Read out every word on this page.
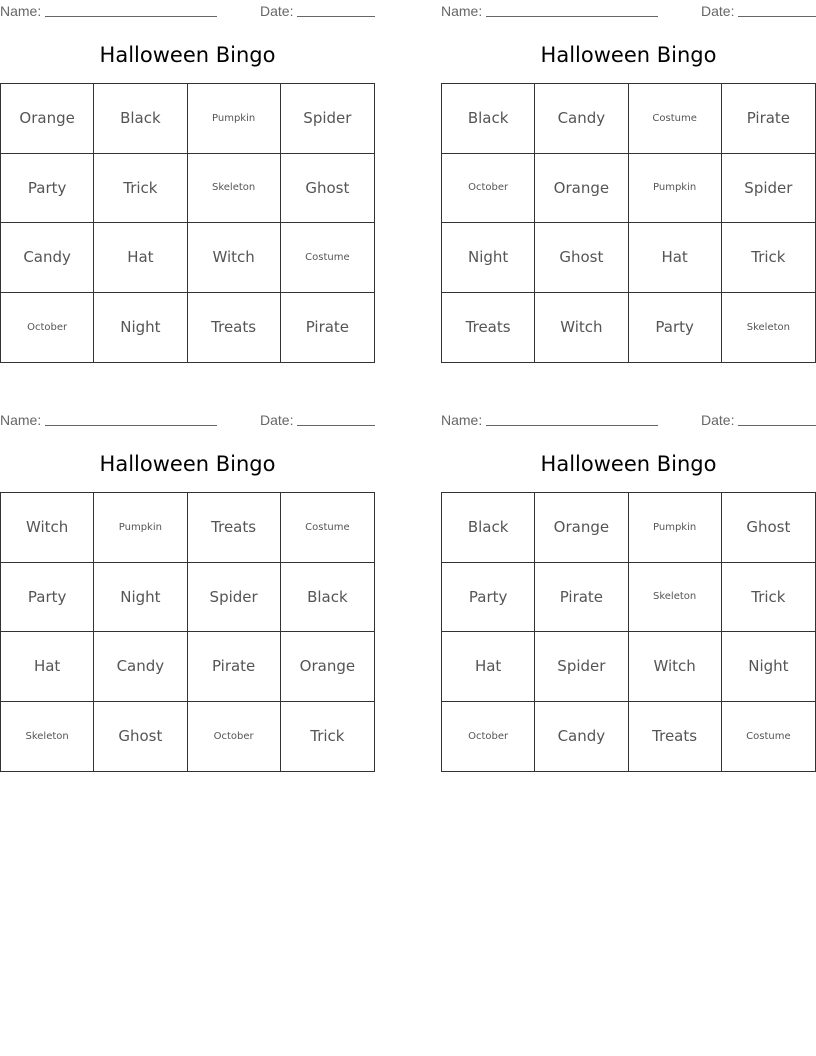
Name:	Date:
Halloween Bingo
Orange	Black	Pumpkin	Spider
Party	Trick	Skeleton	Ghost
Candy	Hat	Witch	Costume
October	Night	Treats	Pirate
Name:	Date:
Halloween Bingo
Black	Candy	Costume	Pirate
October	Orange	Pumpkin	Spider
Night	Ghost	Hat	Trick
Treats	Witch	Party	Skeleton
Name:	Date:
Halloween Bingo
Witch	Pumpkin	Treats	Costume
Party	Night	Spider	Black
Hat	Candy	Pirate	Orange
Skeleton	Ghost	October	Trick
Name:	Date:
Halloween Bingo
Black	Orange	Pumpkin	Ghost
Party	Pirate	Skeleton	Trick
Hat	Spider	Witch	Night
October	Candy	Treats	Costume
